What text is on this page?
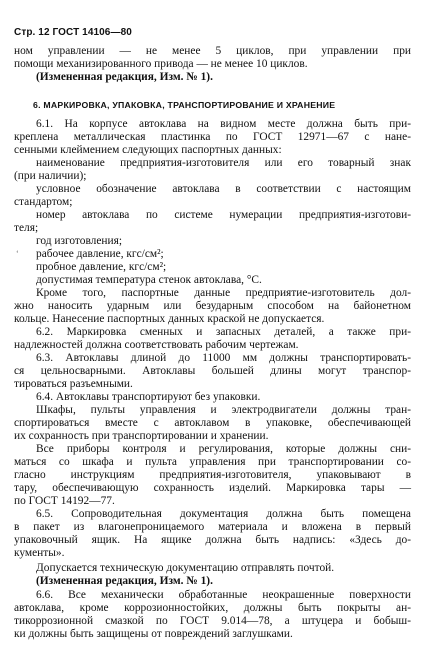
Стр. 12 ГОСТ 14106—80
ном управлении — не менее 5 циклов, при управлении при
помощи механизированного привода — не менее 10 циклов.
(Измененная редакция, Изм. № 1).
6. МАРКИРОВКА, УПАКОВКА, ТРАНСПОРТИРОВАНИЕ И ХРАНЕНИЕ
6.1. На корпусе автоклава на видном месте должна быть при-
креплена металлическая пластинка по ГОСТ 12971—67 с нане-
сенными клеймением следующих паспортных данных:
наименование предприятия-изготовителя или его товарный знак
(при наличии);
условное обозначение автоклава в соответствии с настоящим
стандартом;
номер автоклава по системе нумерации предприятия-изготови-
теля;
год изготовления;
‘ рабочее давление, кгс/см²;
пробное давление, кгс/см²;
допустимая температура стенок автоклава, °С.
Кроме того, паспортные данные предприятие-изготовитель дол-
жно наносить ударным или безударным способом на байонетном
кольце. Нанесение паспортных данных краской не допускается.
6.2. Маркировка сменных и запасных деталей, а также при-
надлежностей должна соответствовать рабочим чертежам.
6.3. Автоклавы длиной до 11000 мм должны транспортировать-
ся цельносварными. Автоклавы большей длины могут транспор-
тироваться разъемными.
6.4. Автоклавы транспортируют без упаковки.
Шкафы, пульты управления и электродвигатели должны тран-
спортироваться вместе с автоклавом в упаковке, обеспечивающей
их сохранность при транспортировании и хранении.
Все приборы контроля и регулирования, которые должны сни-
маться со шкафа и пульта управления при транспортировании со-
гласно инструкциям предприятия-изготовителя, упаковывают в
тару, обеспечивающую сохранность изделий. Маркировка тары —
по ГОСТ 14192—77.
6.5. Сопроводительная документация должна быть помещена
в пакет из влагонепроницаемого материала и вложена в первый
упаковочный ящик. На ящике должна быть надпись: «Здесь до-
кументы».
Допускается техническую документацию отправлять почтой.
(Измененная редакция, Изм. № 1).
6.6. Все механически обработанные неокрашенные поверхности
автоклава, кроме коррозионностойких, должны быть покрыты ан-
тикоррозионной смазкой по ГОСТ 9.014—78, а штуцера и бобыш-
ки должны быть защищены от повреждений заглушками.
